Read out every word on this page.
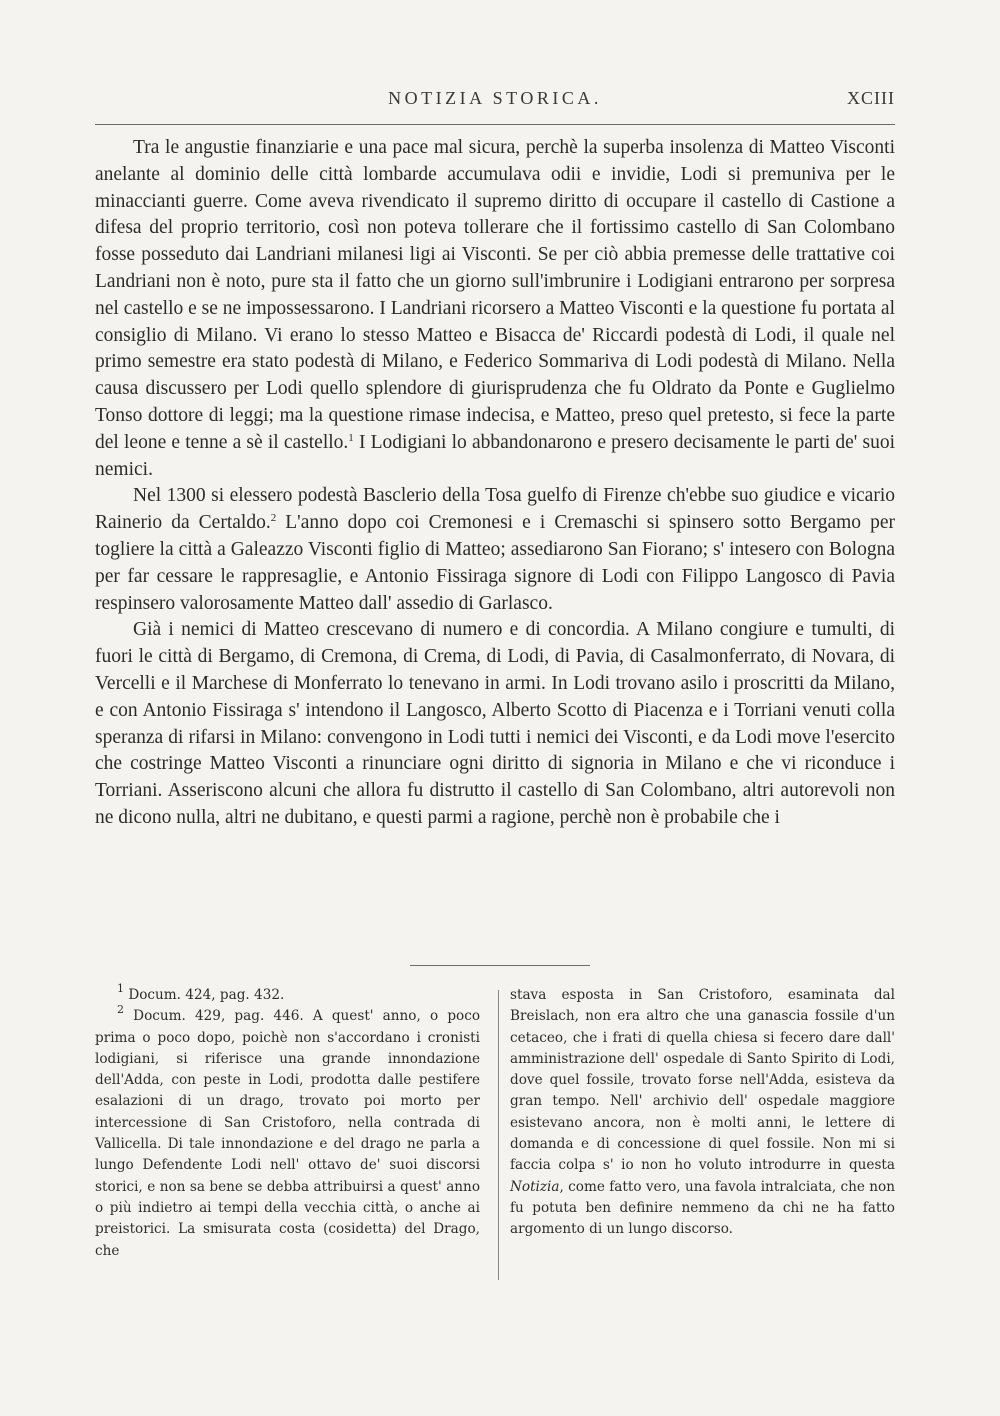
NOTIZIA STORICA.	XCIII

Tra le angustie finanziarie e una pace mal sicura, perchè la superba insolenza di Matteo Visconti anelante al dominio delle città lombarde accumulava odii e invidie, Lodi si premuniva per le minaccianti guerre. Come aveva rivendicato il supremo diritto di occupare il castello di Castione a difesa del proprio territorio, così non poteva tollerare che il fortissimo castello di San Colombano fosse posseduto dai Landriani milanesi ligi ai Visconti. Se per ciò abbia premesse delle trattative coi Landriani non è noto, pure sta il fatto che un giorno sull'imbrunire i Lodigiani entrarono per sorpresa nel castello e se ne impossessarono. I Landriani ricorsero a Matteo Visconti e la questione fu portata al consiglio di Milano. Vi erano lo stesso Matteo e Bisacca de' Riccardi podestà di Lodi, il quale nel primo semestre era stato podestà di Milano, e Federico Sommariva di Lodi podestà di Milano. Nella causa discussero per Lodi quello splendore di giurisprudenza che fu Oldrato da Ponte e Guglielmo Tonso dottore di leggi; ma la questione rimase indecisa, e Matteo, preso quel pretesto, si fece la parte del leone e tenne a sè il castello.$^1$ I Lodigiani lo abbandonarono e presero decisamente le parti de' suoi nemici.

Nel 1300 si elessero podestà Basclerio della Tosa guelfo di Firenze ch'ebbe suo giudice e vicario Rainerio da Certaldo.$^2$ L'anno dopo coi Cremonesi e i Cremaschi si spinsero sotto Bergamo per togliere la città a Galeazzo Visconti figlio di Matteo; assediarono San Fiorano; s' intesero con Bologna per far cessare le rappresaglie, e Antonio Fissiraga signore di Lodi con Filippo Langosco di Pavia respinsero valorosamente Matteo dall' assedio di Garlasco.

Già i nemici di Matteo crescevano di numero e di concordia. A Milano congiure e tumulti, di fuori le città di Bergamo, di Cremona, di Crema, di Lodi, di Pavia, di Casalmonferrato, di Novara, di Vercelli e il Marchese di Monferrato lo tenevano in armi. In Lodi trovano asilo i proscritti da Milano, e con Antonio Fissiraga s' intendono il Langosco, Alberto Scotto di Piacenza e i Torriani venuti colla speranza di rifarsi in Milano: convengono in Lodi tutti i nemici dei Visconti, e da Lodi move l'esercito che costringe Matteo Visconti a rinunciare ogni diritto di signoria in Milano e che vi riconduce i Torriani. Asseriscono alcuni che allora fu distrutto il castello di San Colombano, altri autorevoli non ne dicono nulla, altri ne dubitano, e questi parmi a ragione, perchè non è probabile che i

$^1$ Docum. 424, pag. 432.

$^2$ Docum. 429, pag. 446. A quest' anno, o poco prima o poco dopo, poichè non s'accordano i cronisti lodigiani, si riferisce una grande innondazione dell'Adda, con peste in Lodi, prodotta dalle pestifere esalazioni di un drago, trovato poi morto per intercessione di San Cristoforo, nella contrada di Vallicella. Di tale innondazione e del drago ne parla a lungo Defendente Lodi nell' ottavo de' suoi discorsi storici, e non sa bene se debba attribuirsi a quest' anno o più indietro ai tempi della vecchia città, o anche ai preistorici. La smisurata costa (cosidetta) del Drago, che

stava esposta in San Cristoforo, esaminata dal Breislach, non era altro che una ganascia fossile d'un cetaceo, che i frati di quella chiesa si fecero dare dall' amministrazione dell' ospedale di Santo Spirito di Lodi, dove quel fossile, trovato forse nell'Adda, esisteva da gran tempo. Nell' archivio dell' ospedale maggiore esistevano ancora, non è molti anni, le lettere di domanda e di concessione di quel fossile. Non mi si faccia colpa s' io non ho voluto introdurre in questa Notizia, come fatto vero, una favola intralciata, che non fu potuta ben definire nemmeno da chi ne ha fatto argomento di un lungo discorso.
